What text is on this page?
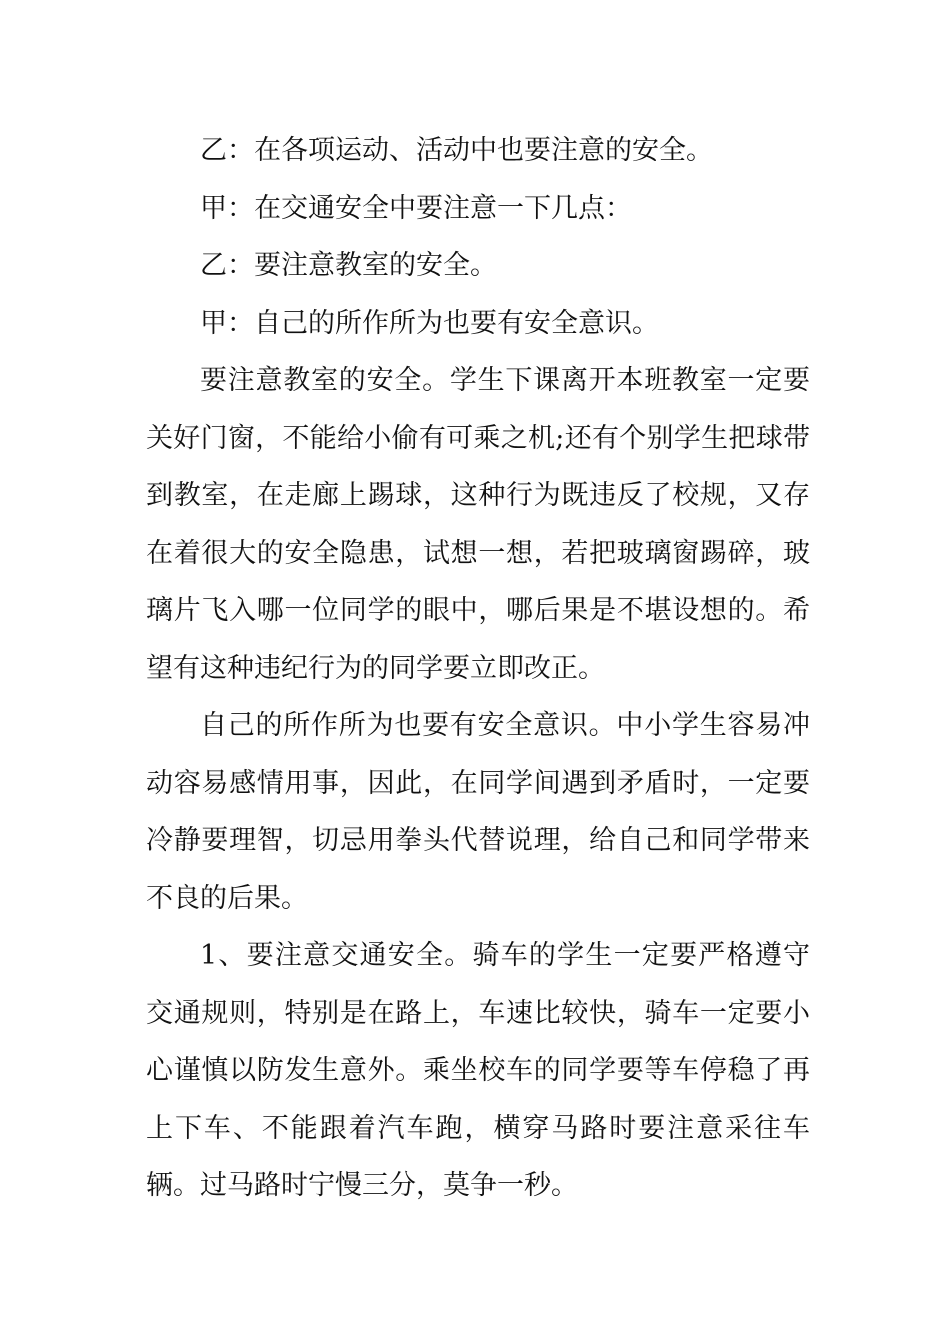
乙：在各项运动、活动中也要注意的安全。
甲：在交通安全中要注意一下几点：
乙：要注意教室的安全。
甲：自己的所作所为也要有安全意识。

要注意教室的安全。学生下课离开本班教室一定要关好门窗，不能给小偷有可乘之机;还有个别学生把球带到教室，在走廊上踢球，这种行为既违反了校规，又存在着很大的安全隐患，试想一想，若把玻璃窗踢碎，玻璃片飞入哪一位同学的眼中，哪后果是不堪设想的。希望有这种违纪行为的同学要立即改正。

自己的所作所为也要有安全意识。中小学生容易冲动容易感情用事，因此，在同学间遇到矛盾时，一定要冷静要理智，切忌用拳头代替说理，给自己和同学带来不良的后果。

1、要注意交通安全。骑车的学生一定要严格遵守交通规则，特别是在路上，车速比较快，骑车一定要小心谨慎以防发生意外。乘坐校车的同学要等车停稳了再上下车、不能跟着汽车跑，横穿马路时要注意采往车辆。过马路时宁慢三分，莫争一秒。
